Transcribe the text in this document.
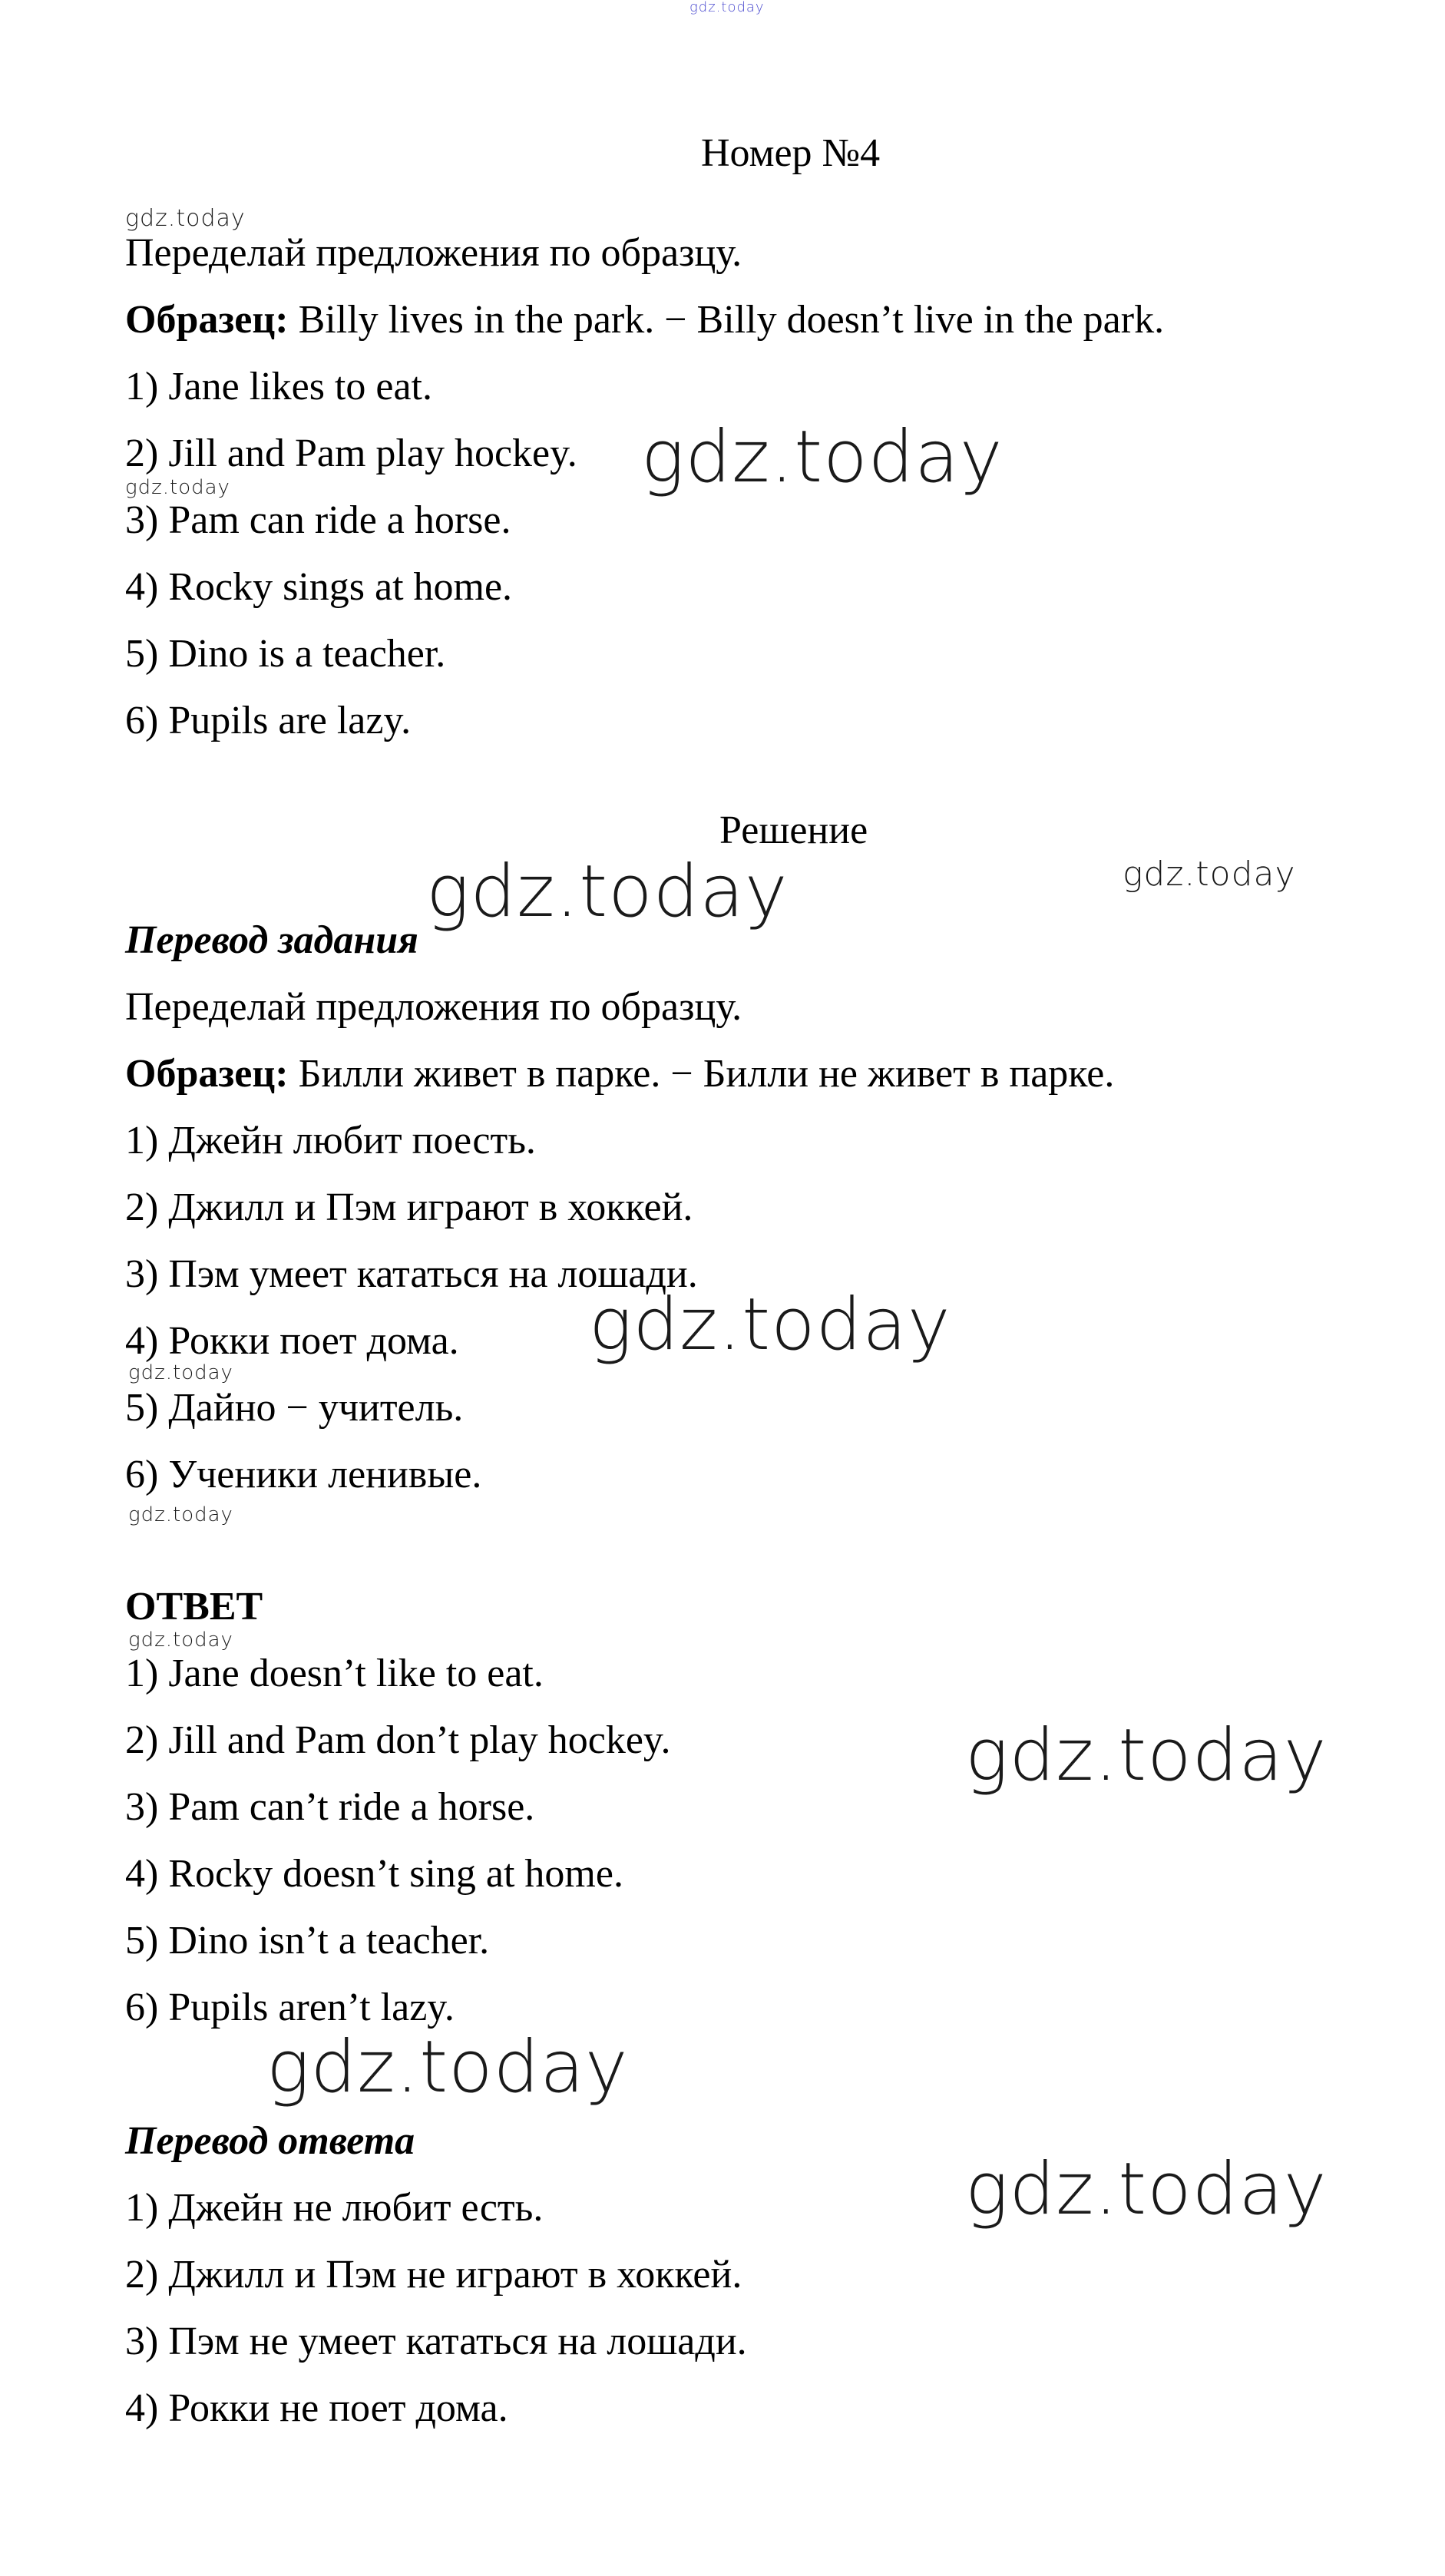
gdz.today
gdz.today
gdz.today
gdz.today
gdz.today	gdz.today
gdz.today
gdz.today
gdz.today
gdz.today
gdz.today
gdz.today
gdz.today
Номер №4
Переделай предложения по образцу.
Образец: Billy lives in the park. − Billy doesn’t live in the park.
1) Jane likes to eat.
2) Jill and Pam play hockey.
3) Pam can ride a horse.
4) Rocky sings at home.
5) Dino is a teacher.
6) Pupils are lazy.
Решение
Перевод задания
Переделай предложения по образцу.
Образец: Билли живет в парке. − Билли не живет в парке.
1) Джейн любит поесть.
2) Джилл и Пэм играют в хоккей.
3) Пэм умеет кататься на лошади.
4) Рокки поет дома.
5) Дайно − учитель.
6) Ученики ленивые.
ОТВЕТ
1) Jane doesn’t like to eat.
2) Jill and Pam don’t play hockey.
3) Pam can’t ride a horse.
4) Rocky doesn’t sing at home.
5) Dino isn’t a teacher.
6) Pupils aren’t lazy.
Перевод ответа
1) Джейн не любит есть.
2) Джилл и Пэм не играют в хоккей.
3) Пэм не умеет кататься на лошади.
4) Рокки не поет дома.
